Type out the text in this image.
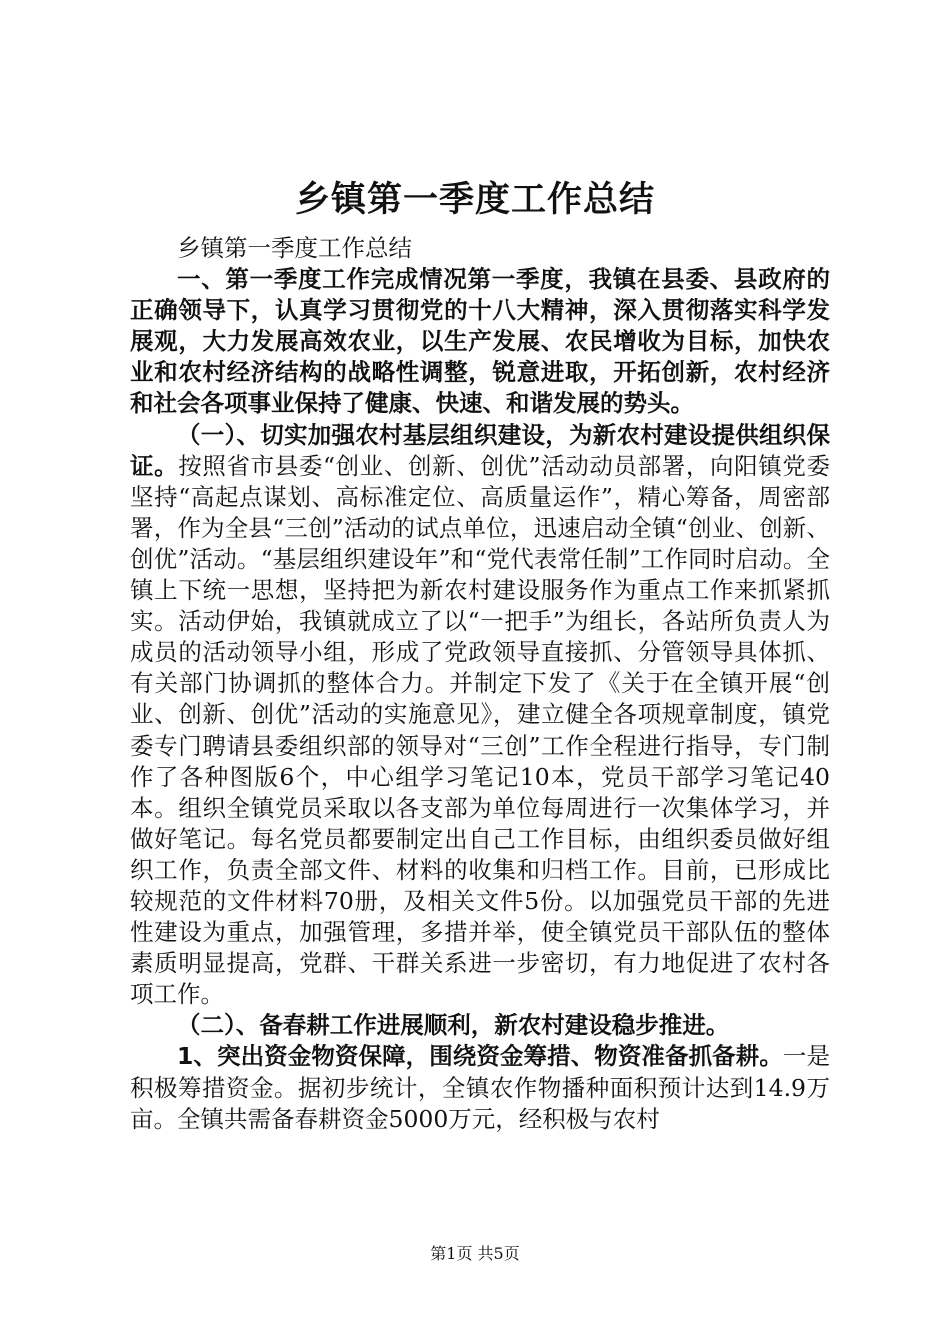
乡镇第一季度工作总结

乡镇第一季度工作总结

一、第一季度工作完成情况第一季度，我镇在县委、县政府的正确领导下，认真学习贯彻党的十八大精神，深入贯彻落实科学发展观，大力发展高效农业，以生产发展、农民增收为目标，加快农业和农村经济结构的战略性调整，锐意进取，开拓创新，农村经济和社会各项事业保持了健康、快速、和谐发展的势头。

（一）、切实加强农村基层组织建设，为新农村建设提供组织保证。按照省市县委“创业、创新、创优”活动动员部署，向阳镇党委坚持“高起点谋划、高标准定位、高质量运作”，精心筹备，周密部署，作为全县“三创”活动的试点单位，迅速启动全镇“创业、创新、创优”活动。“基层组织建设年”和“党代表常任制”工作同时启动。全镇上下统一思想，坚持把为新农村建设服务作为重点工作来抓紧抓实。活动伊始，我镇就成立了以“一把手”为组长，各站所负责人为成员的活动领导小组，形成了党政领导直接抓、分管领导具体抓、有关部门协调抓的整体合力。并制定下发了《关于在全镇开展“创业、创新、创优”活动的实施意见》，建立健全各项规章制度，镇党委专门聘请县委组织部的领导对“三创”工作全程进行指导，专门制作了各种图版6个，中心组学习笔记10本，党员干部学习笔记40本。组织全镇党员采取以各支部为单位每周进行一次集体学习，并做好笔记。每名党员都要制定出自己工作目标，由组织委员做好组织工作，负责全部文件、材料的收集和归档工作。目前，已形成比较规范的文件材料70册，及相关文件5份。以加强党员干部的先进性建设为重点，加强管理，多措并举，使全镇党员干部队伍的整体素质明显提高，党群、干群关系进一步密切，有力地促进了农村各项工作。

（二）、备春耕工作进展顺利，新农村建设稳步推进。

1、突出资金物资保障，围绕资金筹措、物资准备抓备耕。一是积极筹措资金。据初步统计，全镇农作物播种面积预计达到14.9万亩。全镇共需备春耕资金5000万元，经积极与农村

第1页 共5页
